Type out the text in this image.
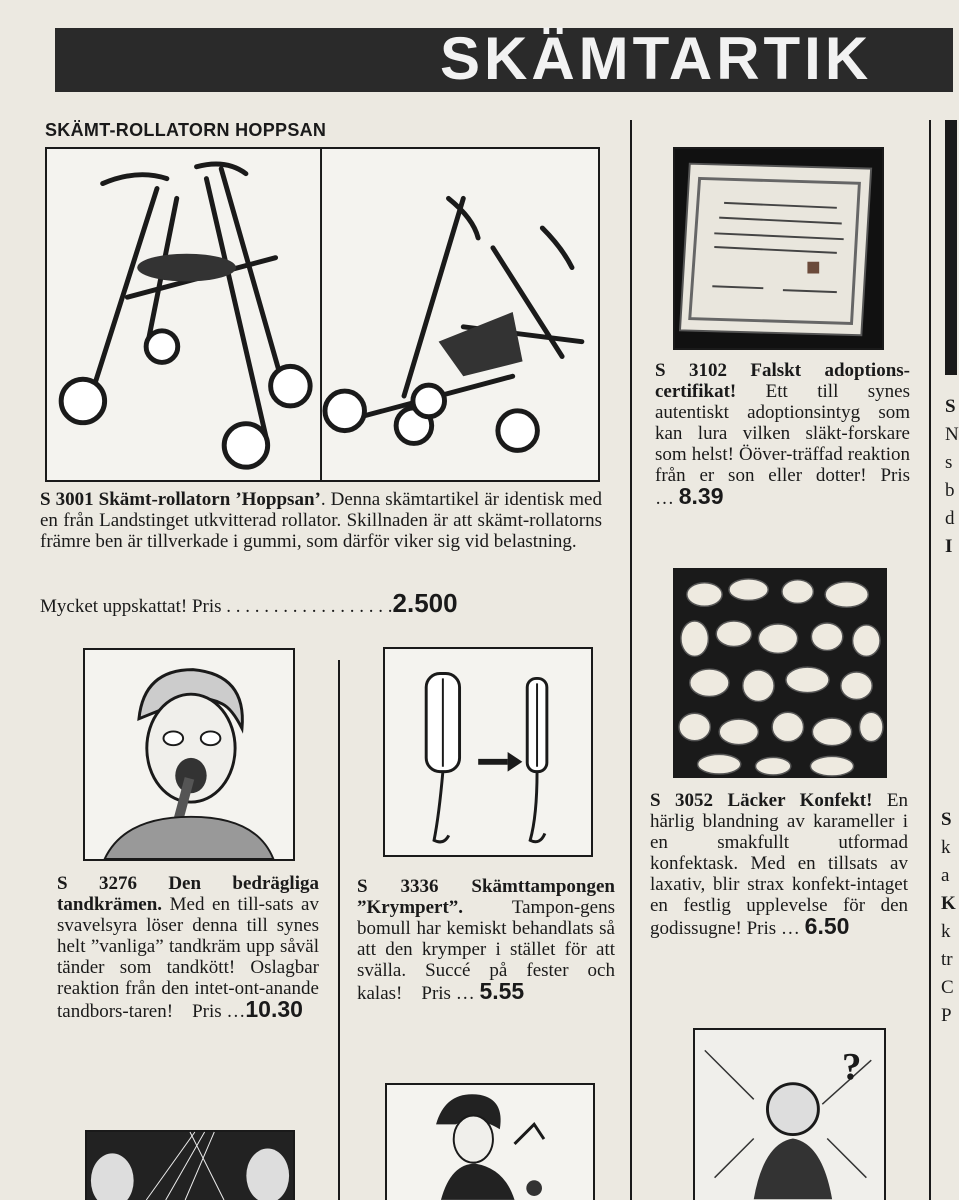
SKÄMTARTIK
SKÄMT-ROLLATORN HOPPSAN

S 3001 Skämt-rollatorn ’Hoppsan’. Denna skämtartikel är identisk med en från Landstinget utkvitterad rollator. Skillnaden är att skämt-rollatorns främre ben är tillverkade i gummi, som därför viker sig vid belastning.

Mycket uppskattat! Pris . . . . . . . . . . . . . . . . . .2.500

S 3102 Falskt adoptions-certifikat! Ett till synes autentiskt adoptionsintyg som kan lura vilken släkt-forskare som helst! Ööver-träffad reaktion från er son eller dotter! Pris … 8.39

S 3052 Läcker Konfekt! En härlig blandning av karameller i en smakfullt utformad konfektask. Med en tillsats av laxativ, blir strax konfekt-intaget en festlig upplevelse för den godissugne! Pris … 6.50

?

S 3276 Den bedrägliga tandkrämen. Med en till-sats av svavelsyra löser denna till synes helt ”vanliga” tandkräm upp såväl tänder som tandkött! Oslagbar reaktion från den intet-ont-anande tandbors-taren! Pris …10.30

S 3336 Skämttampongen ”Krympert”. Tampon-gens bomull har kemiskt behandlats så att den krymper i stället för att svälla. Succé på fester och kalas! Pris … 5.55

S
N
s
b
d
I
S
k
a
K
k
tr
C
P
